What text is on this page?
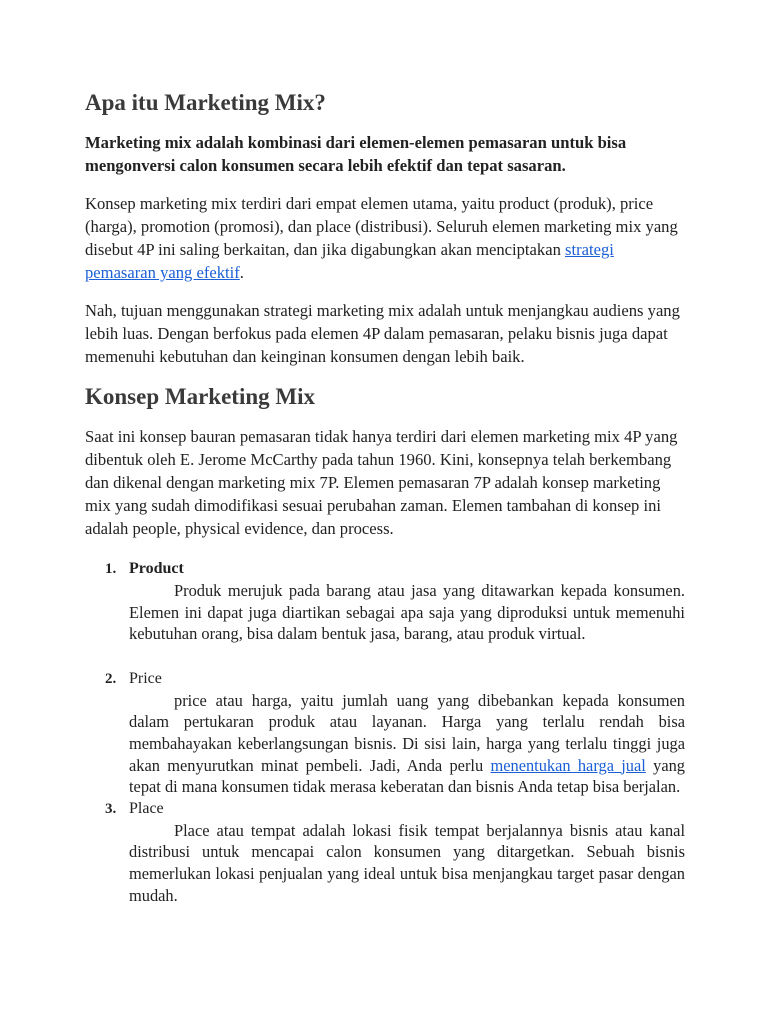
Apa itu Marketing Mix?

Marketing mix adalah kombinasi dari elemen-elemen pemasaran untuk bisa mengonversi calon konsumen secara lebih efektif dan tepat sasaran.

Konsep marketing mix terdiri dari empat elemen utama, yaitu product (produk), price (harga), promotion (promosi), dan place (distribusi). Seluruh elemen marketing mix yang disebut 4P ini saling berkaitan, dan jika digabungkan akan menciptakan strategi pemasaran yang efektif.

Nah, tujuan menggunakan strategi marketing mix adalah untuk menjangkau audiens yang lebih luas. Dengan berfokus pada elemen 4P dalam pemasaran, pelaku bisnis juga dapat memenuhi kebutuhan dan keinginan konsumen dengan lebih baik.

Konsep Marketing Mix

Saat ini konsep bauran pemasaran tidak hanya terdiri dari elemen marketing mix 4P yang dibentuk oleh E. Jerome McCarthy pada tahun 1960. Kini, konsepnya telah berkembang dan dikenal dengan marketing mix 7P. Elemen pemasaran 7P adalah konsep marketing mix yang sudah dimodifikasi sesuai perubahan zaman. Elemen tambahan di konsep ini adalah people, physical evidence, dan process.

1. Product

Produk merujuk pada barang atau jasa yang ditawarkan kepada konsumen. Elemen ini dapat juga diartikan sebagai apa saja yang diproduksi untuk memenuhi kebutuhan orang, bisa dalam bentuk jasa, barang, atau produk virtual.

2. Price

price atau harga, yaitu jumlah uang yang dibebankan kepada konsumen dalam pertukaran produk atau layanan. Harga yang terlalu rendah bisa membahayakan keberlangsungan bisnis. Di sisi lain, harga yang terlalu tinggi juga akan menyurutkan minat pembeli. Jadi, Anda perlu menentukan harga jual yang tepat di mana konsumen tidak merasa keberatan dan bisnis Anda tetap bisa berjalan.

3. Place

Place atau tempat adalah lokasi fisik tempat berjalannya bisnis atau kanal distribusi untuk mencapai calon konsumen yang ditargetkan. Sebuah bisnis memerlukan lokasi penjualan yang ideal untuk bisa menjangkau target pasar dengan mudah.
